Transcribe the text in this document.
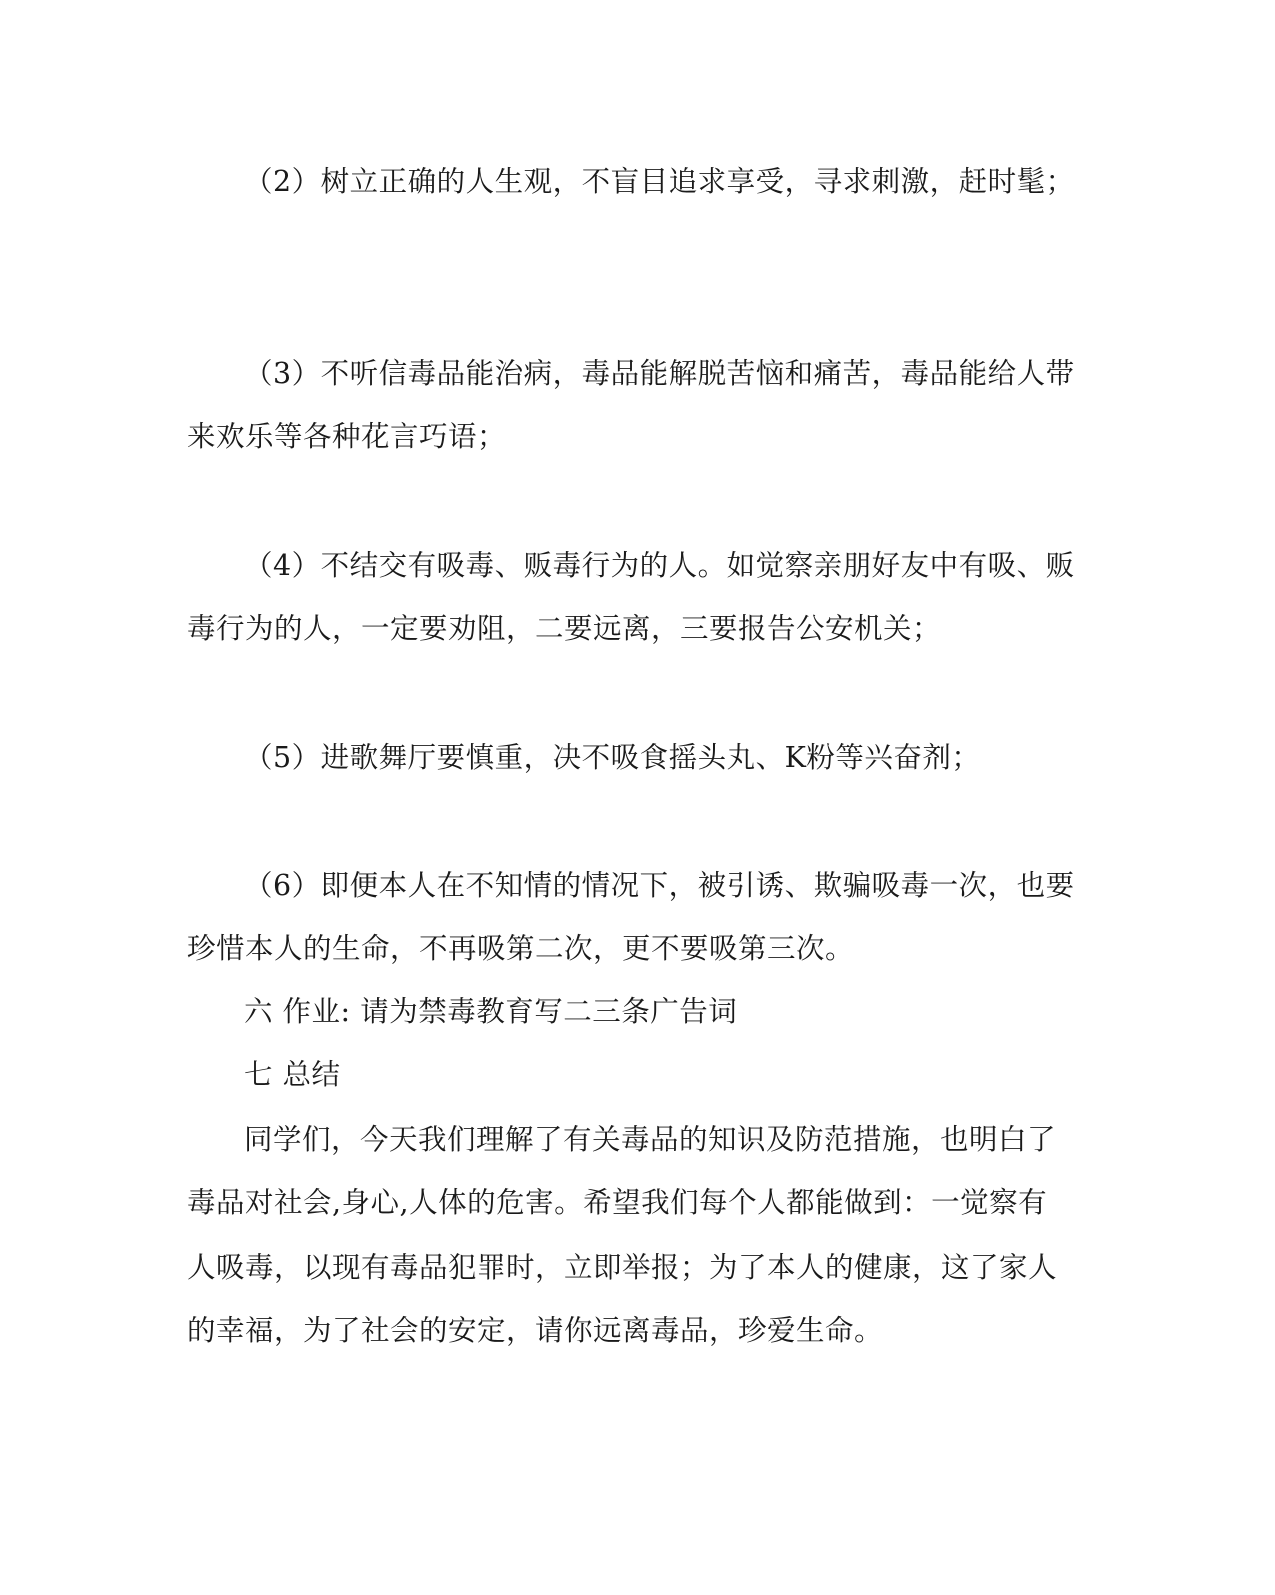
（2）树立正确的人生观，不盲目追求享受，寻求刺激，赶时髦；

（3）不听信毒品能治病，毒品能解脱苦恼和痛苦，毒品能给人带

来欢乐等各种花言巧语；

（4）不结交有吸毒、贩毒行为的人。如觉察亲朋好友中有吸、贩

毒行为的人，一定要劝阻，二要远离，三要报告公安机关；

（5）进歌舞厅要慎重，决不吸食摇头丸、K粉等兴奋剂；

（6）即便本人在不知情的情况下，被引诱、欺骗吸毒一次，也要

珍惜本人的生命，不再吸第二次，更不要吸第三次。

六 作业: 请为禁毒教育写二三条广告词

七 总结

同学们，今天我们理解了有关毒品的知识及防范措施，也明白了

毒品对社会,身心,人体的危害。希望我们每个人都能做到：一觉察有

人吸毒，以现有毒品犯罪时，立即举报；为了本人的健康，这了家人

的幸福，为了社会的安定，请你远离毒品，珍爱生命。
